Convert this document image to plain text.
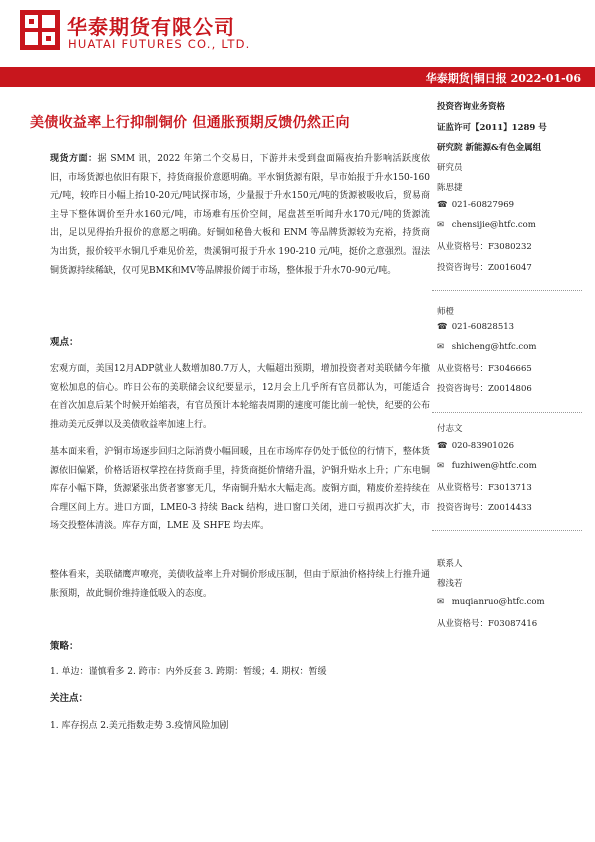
华泰期货有限公司
HUATAI FUTURES CO., LTD.
华泰期货|铜日报 2022-01-06
美债收益率上行抑制铜价 但通胀预期反馈仍然正向
现货方面：据 SMM 讯，2022 年第二个交易日，下游并未受到盘面隔夜抬升影响活跃度依旧，市场货源也依旧有限下，持货商报价意愿明确。平水铜货源有限，早市始报于升水150-160元/吨，较昨日小幅上抬10-20元/吨试探市场，少量报于升水150元/吨的货源被吸收后，贸易商主导下整体调价至升水160元/吨，市场难有压价空间，尾盘甚至听闻升水170元/吨的货源流出，足以见得抬升报价的意愿之明确。好铜如秘鲁大板和 ENM 等品牌货源较为充裕，持货商为出货，报价较平水铜几乎难见价差，贵溪铜可报于升水 190-210 元/吨，挺价之意强烈。湿法铜货源持续稀缺，仅可见BMK和MV等品牌报价阔于市场，整体报于升水70-90元/吨。
观点：
宏观方面，美国12月ADP就业人数增加80.7万人，大幅超出预期，增加投资者对美联储今年撤宽松加息的信心。昨日公布的美联储会议纪要显示，12月会上几乎所有官员都认为，可能适合在首次加息后某个时候开始缩表，有官员预计本轮缩表周期的速度可能比前一轮快，纪要的公布推动美元反弹以及美债收益率加速上行。
基本面来看，沪铜市场逐步回归之际消费小幅回暖，且在市场库存仍处于低位的行情下，整体货源依旧偏紧，价格话语权掌控在持货商手里，持货商挺价情绪升温，沪铜升贴水上升；广东电铜库存小幅下降，货源紧张出货者寥寥无几，华南铜升贴水大幅走高。废铜方面，精废价差持续在合理区间上方。进口方面，LME0-3 持续 Back 结构，进口窗口关闭，进口亏损再次扩大，市场交投整体清淡。库存方面，LME 及 SHFE 均去库。
整体看来，美联储鹰声嘹亮，美债收益率上升对铜价形成压制，但由于原油价格持续上行推升通胀预期，故此铜价维持逢低吸入的态度。
策略：
1. 单边：谨慎看多 2. 跨市：内外反套 3. 跨期：暂缓；4. 期权：暂缓
关注点：
1. 库存拐点 2.美元指数走势 3.疫情风险加剧
投资咨询业务资格
证监许可【2011】1289 号
研究院 新能源&有色金属组
研究员
陈思捷
☎ 021-60827969
✉ chensijie@htfc.com
从业资格号：F3080232
投资咨询号：Z0016047
师橙
☎ 021-60828513
✉ shicheng@htfc.com
从业资格号：F3046665
投资咨询号：Z0014806
付志文
☎ 020-83901026
✉ fuzhiwen@htfc.com
从业资格号：F3013713
投资咨询号：Z0014433
联系人
穆浅若
✉ muqianruo@htfc.com
从业资格号：F03087416
